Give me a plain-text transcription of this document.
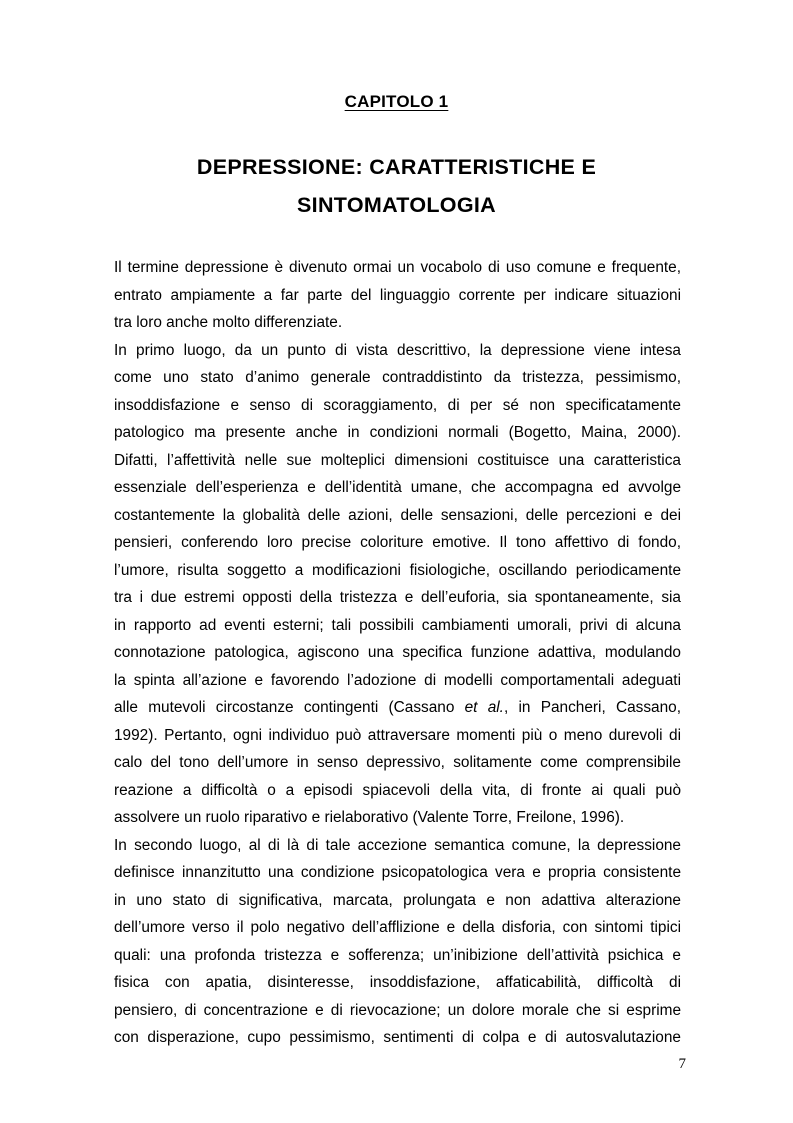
CAPITOLO 1
DEPRESSIONE: CARATTERISTICHE E
SINTOMATOLOGIA
Il termine depressione è divenuto ormai un vocabolo di uso comune e frequente,
entrato ampiamente a far parte del linguaggio corrente per indicare situazioni
tra loro anche molto differenziate.
In primo luogo, da un punto di vista descrittivo, la depressione viene intesa
come uno stato d’animo generale contraddistinto da tristezza, pessimismo,
insoddisfazione e senso di scoraggiamento, di per sé non specificatamente
patologico ma presente anche in condizioni normali (Bogetto, Maina, 2000).
Difatti, l’affettività nelle sue molteplici dimensioni costituisce una caratteristica
essenziale dell’esperienza e dell’identità umane, che accompagna ed avvolge
costantemente la globalità delle azioni, delle sensazioni, delle percezioni e dei
pensieri, conferendo loro precise coloriture emotive. Il tono affettivo di fondo,
l’umore, risulta soggetto a modificazioni fisiologiche, oscillando periodicamente
tra i due estremi opposti della tristezza e dell’euforia, sia spontaneamente, sia
in rapporto ad eventi esterni; tali possibili cambiamenti umorali, privi di alcuna
connotazione patologica, agiscono una specifica funzione adattiva, modulando
la spinta all’azione e favorendo l’adozione di modelli comportamentali adeguati
alle mutevoli circostanze contingenti (Cassano et al., in Pancheri, Cassano,
1992). Pertanto, ogni individuo può attraversare momenti più o meno durevoli di
calo del tono dell’umore in senso depressivo, solitamente come comprensibile
reazione a difficoltà o a episodi spiacevoli della vita, di fronte ai quali può
assolvere un ruolo riparativo e rielaborativo (Valente Torre, Freilone, 1996).
In secondo luogo, al di là di tale accezione semantica comune, la depressione
definisce innanzitutto una condizione psicopatologica vera e propria consistente
in uno stato di significativa, marcata, prolungata e non adattiva alterazione
dell’umore verso il polo negativo dell’afflizione e della disforia, con sintomi tipici
quali: una profonda tristezza e sofferenza; un’inibizione dell’attività psichica e
fisica con apatia, disinteresse, insoddisfazione, affaticabilità, difficoltà di
pensiero, di concentrazione e di rievocazione; un dolore morale che si esprime
con disperazione, cupo pessimismo, sentimenti di colpa e di autosvalutazione
7
